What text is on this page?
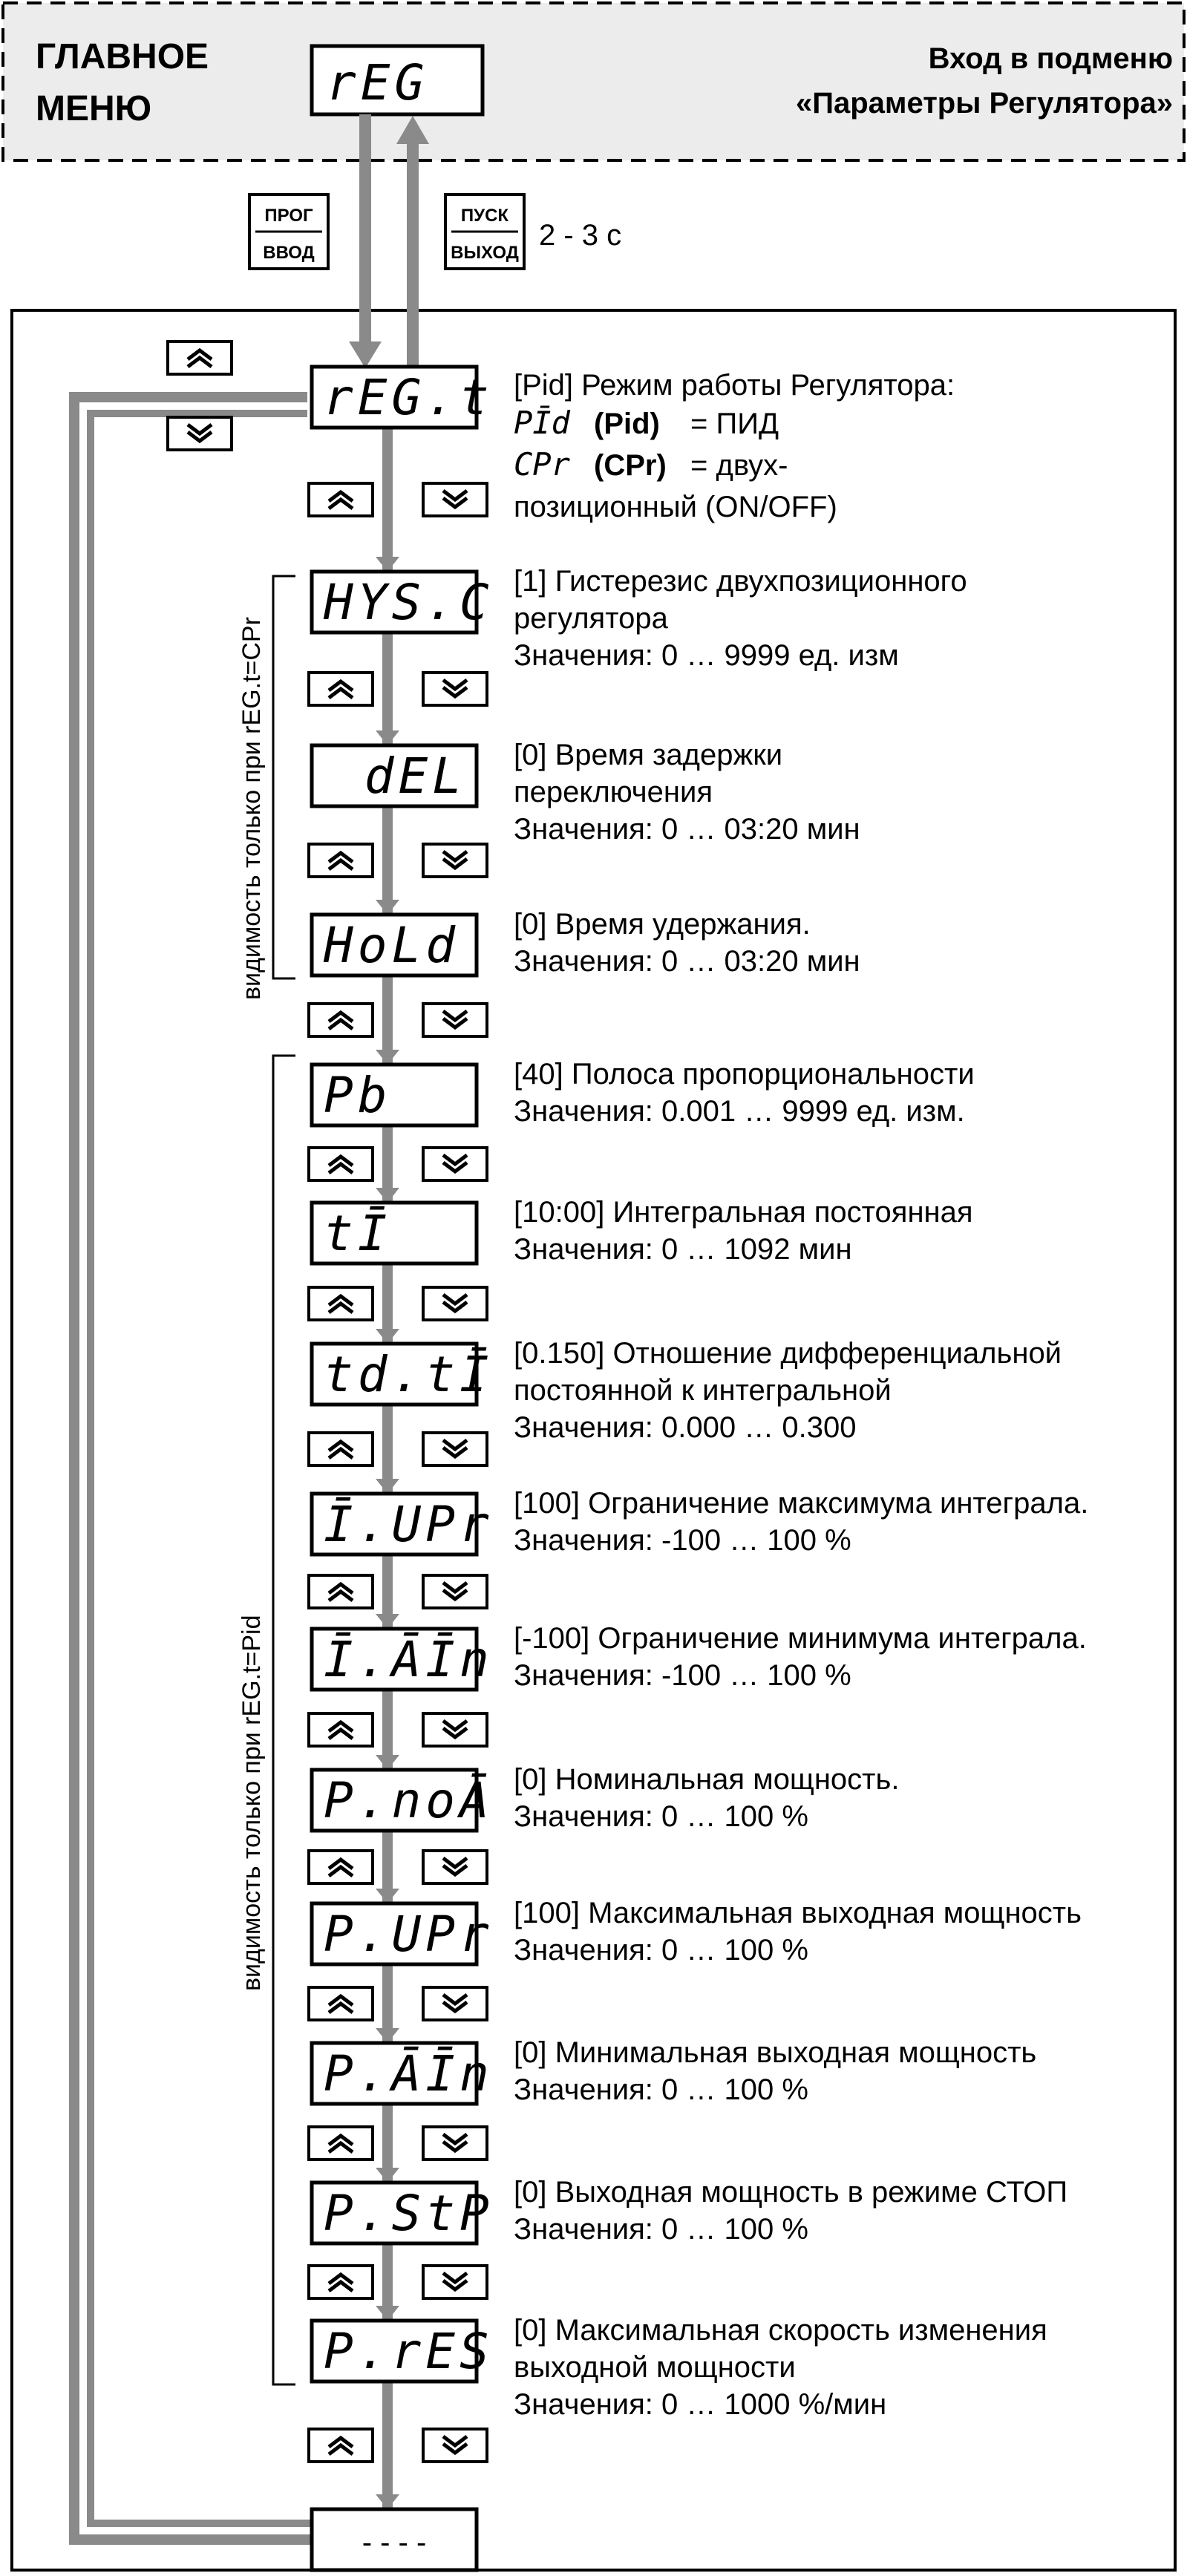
ГЛАВНОЕ
МЕНЮ	rEG	Вход в подменю
«Параметры Регулятора»
ПРОГ
ВВОД
ПУСК
ВЫХОД
2 - 3 с
[Pid] Режим работы Регулятора:
PĪd (Pid) = ПИД
CPr (CPr) = двух-
позиционный (ON/OFF)
видимость только при rEG.t=CPr
видимость только при rEG.t=Pid
rEG.t
HYS.C [1] Гистерезис двухпозиционного
регулятора
Значения: 0 … 9999 ед. изм
dEL [0] Время задержки
переключения
Значения: 0 … 03:20 мин
HoLd [0] Время удержания.
Значения: 0 … 03:20 мин
Pb	[40] Полоса пропорциональности
Значения: 0.001 … 9999 ед. изм.
tĪ	[10:00] Интегральная постоянная
Значения: 0 … 1092 мин
td.tĪ [0.150] Отношение дифференциальной
постоянной к интегральной
Значения: 0.000 … 0.300
Ī.UPr [100] Ограничение максимума интеграла.
Значения: -100 … 100 %
Ī.ĀĪn [-100] Ограничение минимума интеграла.
Значения: -100 … 100 %
P.noĀ [0] Номинальная мощность.
Значения: 0 … 100 %
P.UPr [100] Максимальная выходная мощность
Значения: 0 … 100 %
P.ĀĪn [0] Минимальная выходная мощность
Значения: 0 … 100 %
P.StP [0] Выходная мощность в режиме СТОП
Значения: 0 … 100 %
P.rES [0] Максимальная скорость изменения
выходной мощности
Значения: 0 … 1000 %/мин
- - - -
